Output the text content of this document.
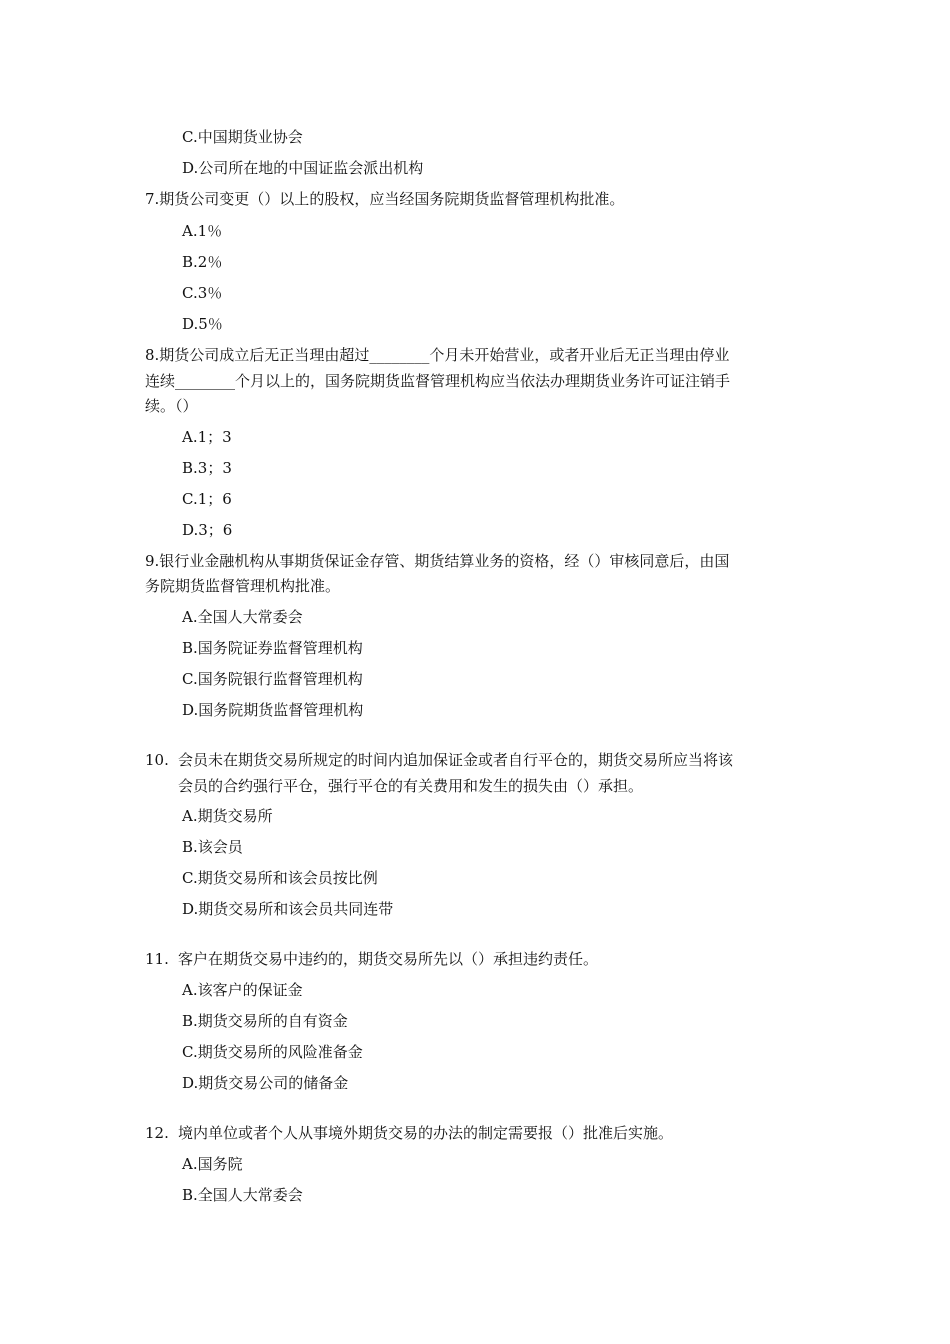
C.中国期货业协会
D.公司所在地的中国证监会派出机构
7.期货公司变更（）以上的股权，应当经国务院期货监督管理机构批准。
A.1％
B.2％
C.3％
D.5％
8.期货公司成立后无正当理由超过________个月未开始营业，或者开业后无正当理由停业
连续________个月以上的，国务院期货监督管理机构应当依法办理期货业务许可证注销手
续。（）
A.1；3
B.3；3
C.1；6
D.3；6
9.银行业金融机构从事期货保证金存管、期货结算业务的资格，经（）审核同意后，由国
务院期货监督管理机构批准。
A.全国人大常委会
B.国务院证券监督管理机构
C.国务院银行监督管理机构
D.国务院期货监督管理机构
10. 会员未在期货交易所规定的时间内追加保证金或者自行平仓的，期货交易所应当将该
会员的合约强行平仓，强行平仓的有关费用和发生的损失由（）承担。
A.期货交易所
B.该会员
C.期货交易所和该会员按比例
D.期货交易所和该会员共同连带
11. 客户在期货交易中违约的，期货交易所先以（）承担违约责任。
A.该客户的保证金
B.期货交易所的自有资金
C.期货交易所的风险准备金
D.期货交易公司的储备金
12. 境内单位或者个人从事境外期货交易的办法的制定需要报（）批准后实施。
A.国务院
B.全国人大常委会
